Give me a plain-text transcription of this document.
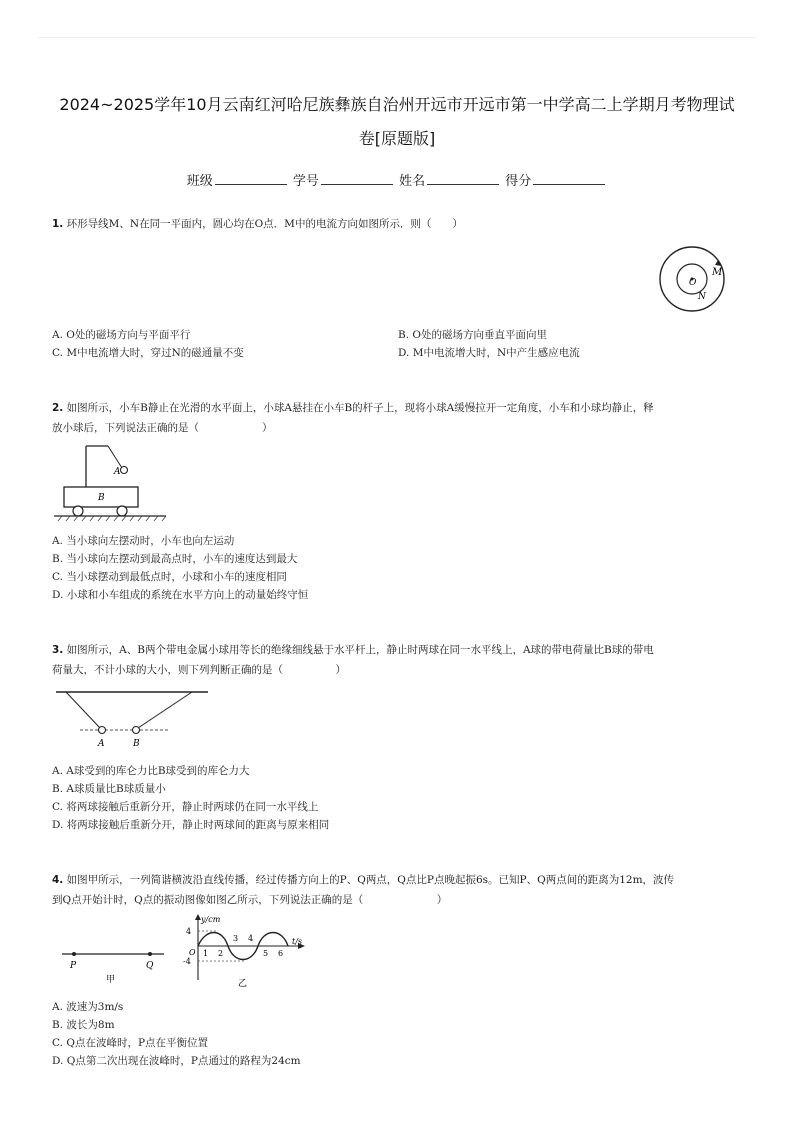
2024~2025学年10月云南红河哈尼族彝族自治州开远市开远市第一中学高二上学期月考物理试
卷[原题版]
班级	学号	姓名	得分
1. 环形导线M、N在同一平面内，圆心均在O点．M中的电流方向如图所示．则（　　）
M
O
N
A. O处的磁场方向与平面平行	B. O处的磁场方向垂直平面向里
C. M中电流增大时，穿过N的磁通量不变	D. M中电流增大时，N中产生感应电流
2. 如图所示，小车B静止在光滑的水平面上，小球A悬挂在小车B的杆子上，现将小球A缓慢拉开一定角度，小车和小球均静止，释
放小球后，下列说法正确的是（　　　　　　）
A
B
A. 当小球向左摆动时，小车也向左运动
B. 当小球向左摆动到最高点时，小车的速度达到最大
C. 当小球摆动到最低点时，小球和小车的速度相同
D. 小球和小车组成的系统在水平方向上的动量始终守恒
3. 如图所示，A、B两个带电金属小球用等长的绝缘细线悬于水平杆上，静止时两球在同一水平线上，A球的带电荷量比B球的带电
荷量大，不计小球的大小，则下列判断正确的是（　　　　　）
A	B
A. A球受到的库仑力比B球受到的库仑力大
B. A球质量比B球质量小
C. 将两球接触后重新分开，静止时两球仍在同一水平线上
D. 将两球接触后重新分开，静止时两球间的距离与原来相同
4. 如图甲所示，一列简谐横波沿直线传播，经过传播方向上的P、Q两点，Q点比P点晚起振6s。已知P、Q两点间的距离为12m，波传
到Q点开始计时，Q点的振动图像如图乙所示，下列说法正确的是（　　　　　　　）
P	Q
甲
y/cm
t/s
O
4
-4
1 2
3 4
5 6
乙
A. 波速为3m/s
B. 波长为8m
C. Q点在波峰时，P点在平衡位置
D. Q点第二次出现在波峰时，P点通过的路程为24cm
